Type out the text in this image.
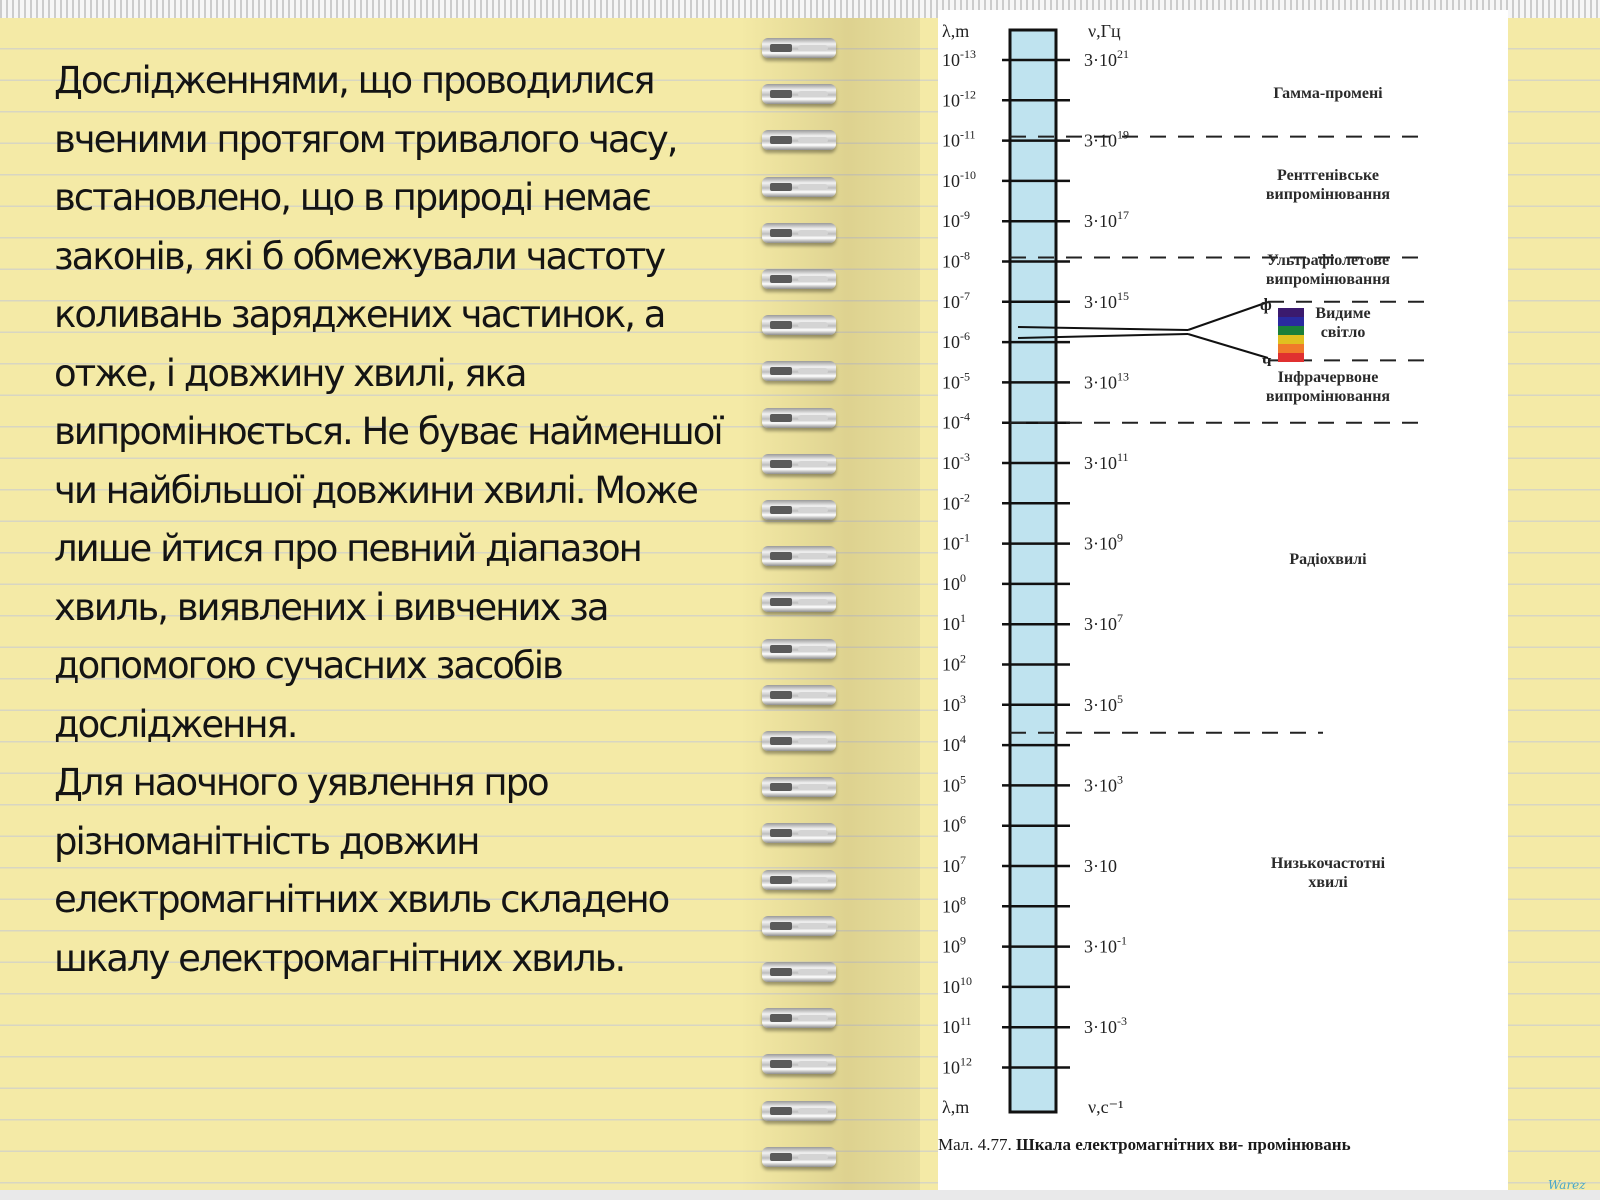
Дослідженнями, що проводилися вченими протягом тривалого часу, встановлено, що в природі немає законів, які б обмежували частоту коливань заряджених частинок, а отже, і довжину хвилі, яка випромінюється. Не буває найменшої чи найбільшої довжини хвилі. Може лише йтися про певний діапазон хвиль, виявлених і вивчених за допомогою сучасних засобів дослідження.

Для наочного уявлення про різноманітність довжин електромагнітних хвиль складено шкалу електромагнітних хвиль.

λ,m	ν,Гц
λ,m	ν,c⁻¹
$10^{-13}$
$10^{-12}$
$10^{-11}$
$10^{-10}$
$10^{-9}$
$10^{-8}$
$10^{-7}$
$10^{-6}$
$10^{-5}$
$10^{-4}$
$10^{-3}$
$10^{-2}$
$10^{-1}$
$10^0$
$10^1$
$10^2$
$10^3$
$10^4$
$10^5$
$10^6$
$10^7$
$10^8$
$10^9$
$10^{10}$
$10^{11}$
$10^{12}$
$3\cdot 10^{21}$
$3\cdot 10^{19}$
$3\cdot 10^{17}$
$3\cdot 10^{15}$
$3\cdot 10^{13}$
$3\cdot 10^{11}$
$3\cdot 10^9$
$3\cdot 10^7$
$3\cdot 10^5$
$3\cdot 10^3$
3·10
$3\cdot 10^{-1}$
$3\cdot 10^{-3}$
Гамма-промені
Рентгенівське випромінювання
Ультрафіолетове випромінювання
Видиме світло
Інфрачервоне випромінювання
Радіохвилі
Низькочастотні хвилі
ф
ч
Мал. 4.77. Шкала електромагнітних ви- промінювань
Warez
